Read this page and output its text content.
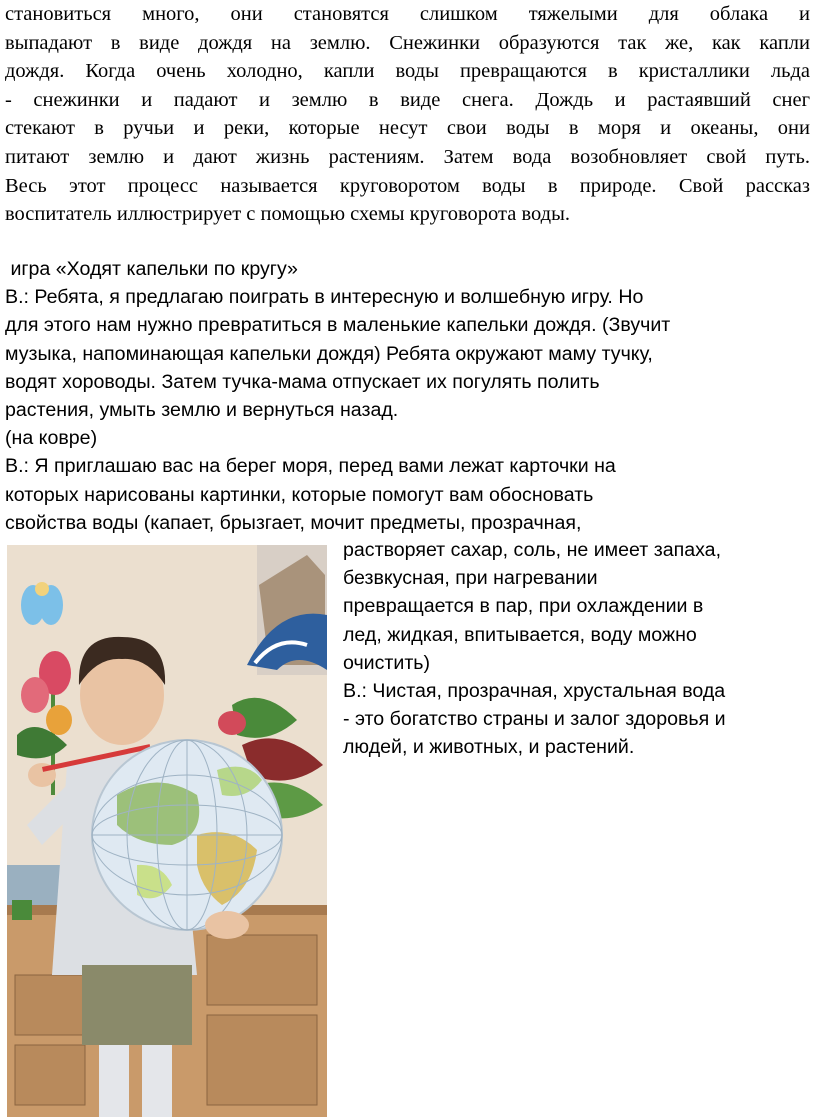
становиться много, они становятся слишком тяжелыми для облака и
выпадают в виде дождя на землю. Снежинки образуются так же, как капли
дождя. Когда очень холодно, капли воды превращаются в кристаллики льда
- снежинки и падают и землю в виде снега. Дождь и растаявший снег
стекают в ручьи и реки, которые несут свои воды в моря и океаны, они
питают землю и дают жизнь растениям. Затем вода возобновляет свой путь.
Весь этот процесс называется круговоротом воды в природе. Свой рассказ
воспитатель иллюстрирует с помощью схемы круговорота воды.
игра «Ходят капельки по кругу»
В.: Ребята, я предлагаю поиграть в интересную и волшебную игру. Но
для этого нам нужно превратиться в маленькие капельки дождя. (Звучит
музыка, напоминающая капельки дождя) Ребята окружают маму тучку,
водят хороводы. Затем тучка-мама отпускает их погулять полить
растения, умыть землю и вернуться назад.
(на ковре)
В.: Я приглашаю вас на берег моря, перед вами лежат карточки на
которых нарисованы картинки, которые помогут вам обосновать
свойства воды (капает, брызгает, мочит предметы, прозрачная,
растворяет сахар, соль, не имеет запаха,
безвкусная, при нагревании
превращается в пар, при охлаждении в
лед, жидкая, впитывается, воду можно
очистить)
В.: Чистая, прозрачная, хрустальная вода
- это богатство страны и залог здоровья и
людей, и животных, и растений.
